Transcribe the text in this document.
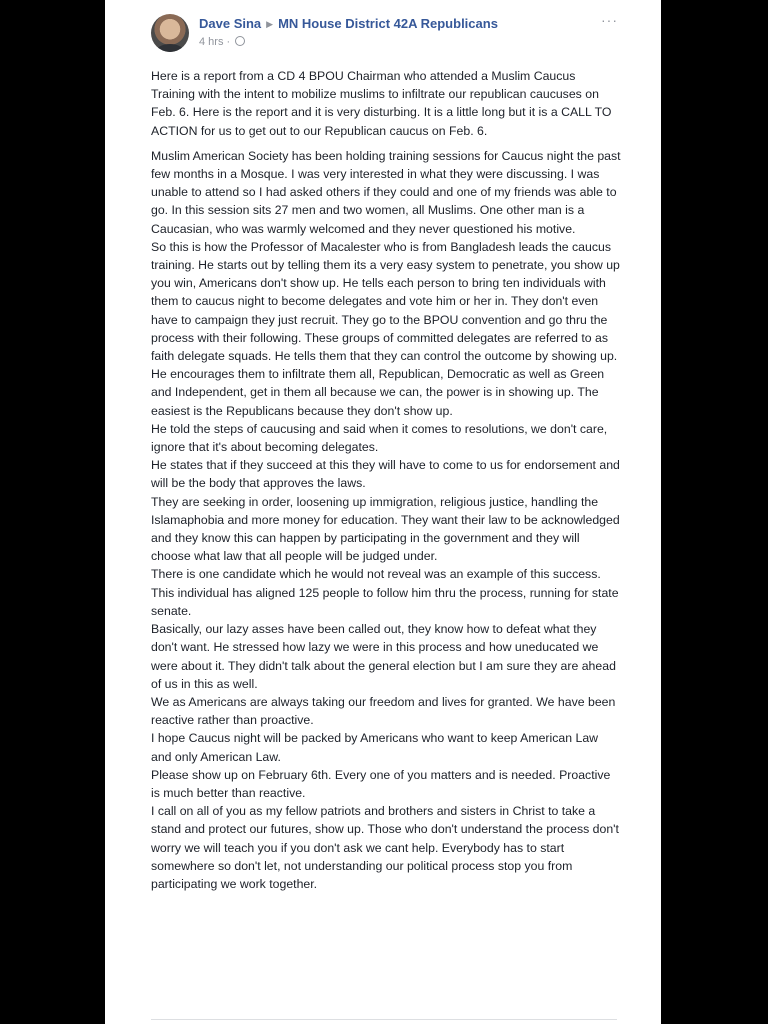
Dave Sina ▶ MN House District 42A Republicans
4 hrs ·
···

Here is a report from a CD 4 BPOU Chairman who attended a Muslim Caucus Training with the intent to mobilize muslims to infiltrate our republican caucuses on Feb. 6. Here is the report and it is very disturbing. It is a little long but it is a CALL TO ACTION for us to get out to our Republican caucus on Feb. 6.

Muslim American Society has been holding training sessions for Caucus night the past few months in a Mosque. I was very interested in what they were discussing. I was unable to attend so I had asked others if they could and one of my friends was able to go. In this session sits 27 men and two women, all Muslims. One other man is a Caucasian, who was warmly welcomed and they never questioned his motive.

So this is how the Professor of Macalester who is from Bangladesh leads the caucus training. He starts out by telling them its a very easy system to penetrate, you show up you win, Americans don't show up. He tells each person to bring ten individuals with them to caucus night to become delegates and vote him or her in. They don't even have to campaign they just recruit. They go to the BPOU convention and go thru the process with their following. These groups of committed delegates are referred to as faith delegate squads. He tells them that they can control the outcome by showing up. He encourages them to infiltrate them all, Republican, Democratic as well as Green and Independent, get in them all because we can, the power is in showing up. The easiest is the Republicans because they don't show up.

He told the steps of caucusing and said when it comes to resolutions, we don't care, ignore that it's about becoming delegates.

He states that if they succeed at this they will have to come to us for endorsement and will be the body that approves the laws.

They are seeking in order, loosening up immigration, religious justice, handling the Islamaphobia and more money for education. They want their law to be acknowledged and they know this can happen by participating in the government and they will choose what law that all people will be judged under.

There is one candidate which he would not reveal was an example of this success. This individual has aligned 125 people to follow him thru the process, running for state senate.

Basically, our lazy asses have been called out, they know how to defeat what they don't want. He stressed how lazy we were in this process and how uneducated we were about it. They didn't talk about the general election but I am sure they are ahead of us in this as well.

We as Americans are always taking our freedom and lives for granted. We have been reactive rather than proactive.

I hope Caucus night will be packed by Americans who want to keep American Law and only American Law.

Please show up on February 6th. Every one of you matters and is needed. Proactive is much better than reactive.

I call on all of you as my fellow patriots and brothers and sisters in Christ to take a stand and protect our futures, show up. Those who don't understand the process don't worry we will teach you if you don't ask we cant help. Everybody has to start somewhere so don't let, not understanding our political process stop you from participating we work together.
